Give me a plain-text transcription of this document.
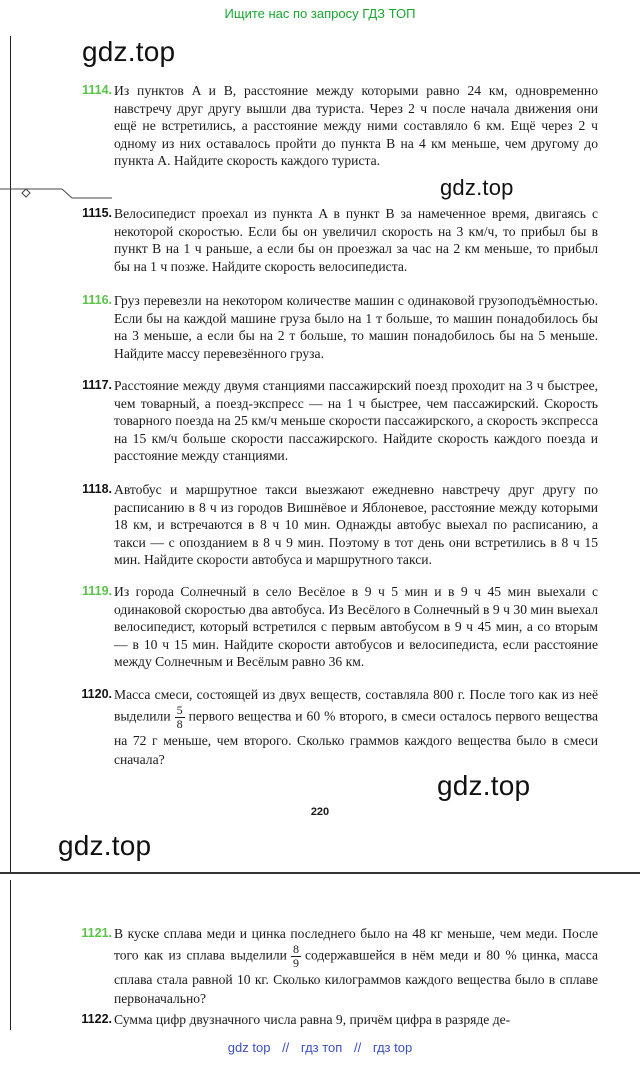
Ищите нас по запросу ГДЗ ТОП
gdz.top
gdz.top
1114. Из пунктов A и B, расстояние между которыми равно 24 км, одновременно навстречу друг другу вышли два туриста. Через 2 ч после начала движения они ещё не встретились, а расстояние между ними составляло 6 км. Ещё через 2 ч одному из них оставалось пройти до пункта B на 4 км меньше, чем другому до пункта A. Найдите скорость каждого туриста.
1115. Велосипедист проехал из пункта A в пункт B за намеченное время, двигаясь с некоторой скоростью. Если бы он увеличил скорость на 3 км/ч, то прибыл бы в пункт B на 1 ч раньше, а если бы он проезжал за час на 2 км меньше, то прибыл бы на 1 ч позже. Найдите скорость велосипедиста.
1116. Груз перевезли на некотором количестве машин с одинаковой грузоподъёмностью. Если бы на каждой машине груза было на 1 т больше, то машин понадобилось бы на 3 меньше, а если бы на 2 т больше, то машин понадобилось бы на 5 меньше. Найдите массу перевезённого груза.
1117. Расстояние между двумя станциями пассажирский поезд проходит на 3 ч быстрее, чем товарный, а поезд-экспресс — на 1 ч быстрее, чем пассажирский. Скорость товарного поезда на 25 км/ч меньше скорости пассажирского, а скорость экспресса на 15 км/ч больше скорости пассажирского. Найдите скорость каждого поезда и расстояние между станциями.
1118. Автобус и маршрутное такси выезжают ежедневно навстречу друг другу по расписанию в 8 ч из городов Вишнёвое и Яблоневое, расстояние между которыми 18 км, и встречаются в 8 ч 10 мин. Однажды автобус выехал по расписанию, а такси — с опозданием в 8 ч 9 мин. Поэтому в тот день они встретились в 8 ч 15 мин. Найдите скорости автобуса и маршрутного такси.
1119. Из города Солнечный в село Весёлое в 9 ч 5 мин и в 9 ч 45 мин выехали с одинаковой скоростью два автобуса. Из Весёлого в Солнечный в 9 ч 30 мин выехал велосипедист, который встретился с первым автобусом в 9 ч 45 мин, а со вторым — в 10 ч 15 мин. Найдите скорости автобусов и велосипедиста, если расстояние между Солнечным и Весёлым равно 36 км.
1120. Масса смеси, состоящей из двух веществ, составляла 800 г. После того как из неё выделили $\frac{5}{8}$ первого вещества и 60 % второго, в смеси осталось первого вещества на 72 г меньше, чем второго. Сколько граммов каждого вещества было в смеси сначала?
gdz.top
220
gdz.top
1121. В куске сплава меди и цинка последнего было на 48 кг меньше, чем меди. После того как из сплава выделили $\frac{8}{9}$ содержавшейся в нём меди и 80 % цинка, масса сплава стала равной 10 кг. Сколько килограммов каждого вещества было в сплаве первоначально?
1122. Сумма цифр двузначного числа равна 9, причём цифра в разряде де-
gdz top // гдз топ // гдз top
